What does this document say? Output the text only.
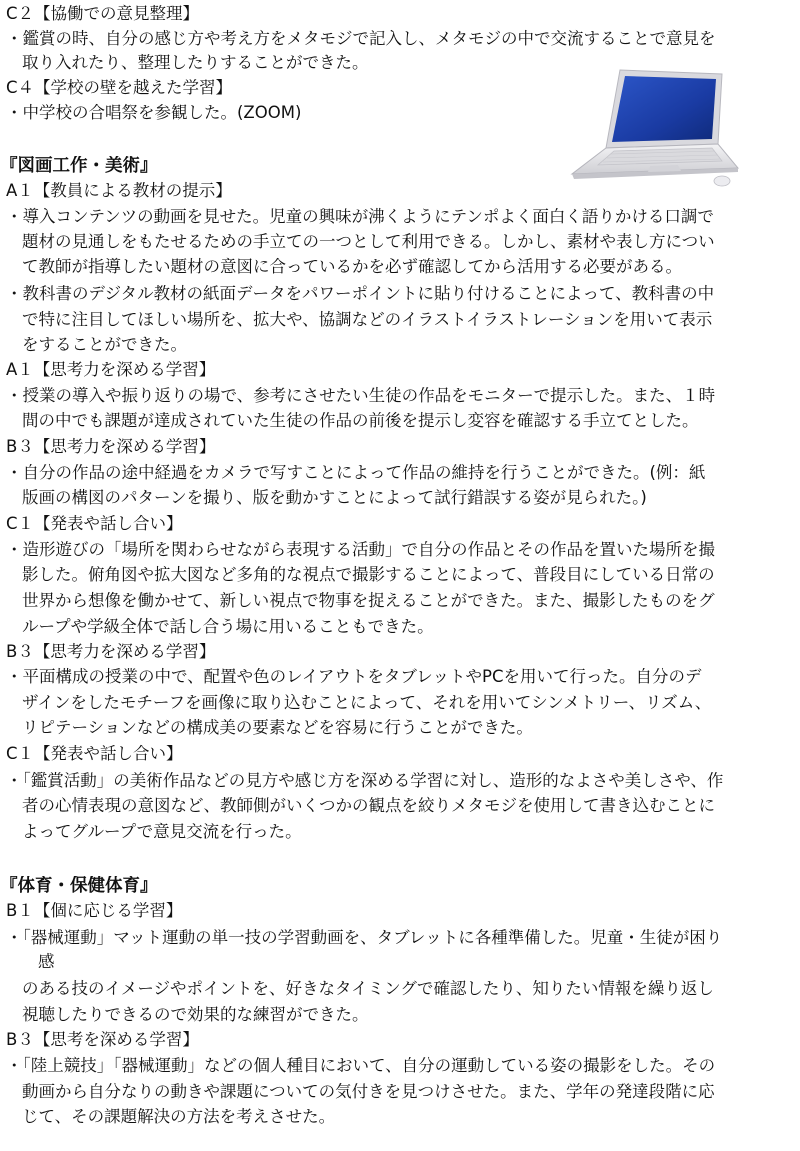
C２【協働での意見整理】
・鑑賞の時、自分の感じ方や考え方をメタモジで記入し、メタモジの中で交流することで意見を
取り入れたり、整理したりすることができた。
C４【学校の壁を越えた学習】
・中学校の合唱祭を参観した。(ZOOM)
『図画工作・美術』
A１【教員による教材の提示】
・導入コンテンツの動画を見せた。児童の興味が沸くようにテンポよく面白く語りかける口調で
題材の見通しをもたせるための手立ての一つとして利用できる。しかし、素材や表し方につい
て教師が指導したい題材の意図に合っているかを必ず確認してから活用する必要がある。
・教科書のデジタル教材の紙面データをパワーポイントに貼り付けることによって、教科書の中
で特に注目してほしい場所を、拡大や、協調などのイラストイラストレーションを用いて表示
をすることができた。
A１【思考力を深める学習】
・授業の導入や振り返りの場で、参考にさせたい生徒の作品をモニターで提示した。また、１時
間の中でも課題が達成されていた生徒の作品の前後を提示し変容を確認する手立てとした。
B３【思考力を深める学習】
・自分の作品の途中経過をカメラで写すことによって作品の維持を行うことができた。(例：紙
版画の構図のパターンを撮り、版を動かすことによって試行錯誤する姿が見られた。)
C１【発表や話し合い】
・造形遊びの「場所を関わらせながら表現する活動」で自分の作品とその作品を置いた場所を撮
影した。俯角図や拡大図など多角的な視点で撮影することによって、普段目にしている日常の
世界から想像を働かせて、新しい視点で物事を捉えることができた。また、撮影したものをグ
ループや学級全体で話し合う場に用いることもできた。
B３【思考力を深める学習】
・平面構成の授業の中で、配置や色のレイアウトをタブレットやPCを用いて行った。自分のデ
ザインをしたモチーフを画像に取り込むことによって、それを用いてシンメトリー、リズム、
リピテーションなどの構成美の要素などを容易に行うことができた。
C１【発表や話し合い】
・「鑑賞活動」の美術作品などの見方や感じ方を深める学習に対し、造形的なよさや美しさや、作
者の心情表現の意図など、教師側がいくつかの観点を絞りメタモジを使用して書き込むことに
よってグループで意見交流を行った。
『体育・保健体育』
B１【個に応じる学習】
・「器械運動」マット運動の単一技の学習動画を、タブレットに各種準備した。児童・生徒が困り
感
のある技のイメージやポイントを、好きなタイミングで確認したり、知りたい情報を繰り返し
視聴したりできるので効果的な練習ができた。
B３【思考を深める学習】
・「陸上競技」「器械運動」などの個人種目において、自分の運動している姿の撮影をした。その
動画から自分なりの動きや課題についての気付きを見つけさせた。また、学年の発達段階に応
じて、その課題解決の方法を考えさせた。
